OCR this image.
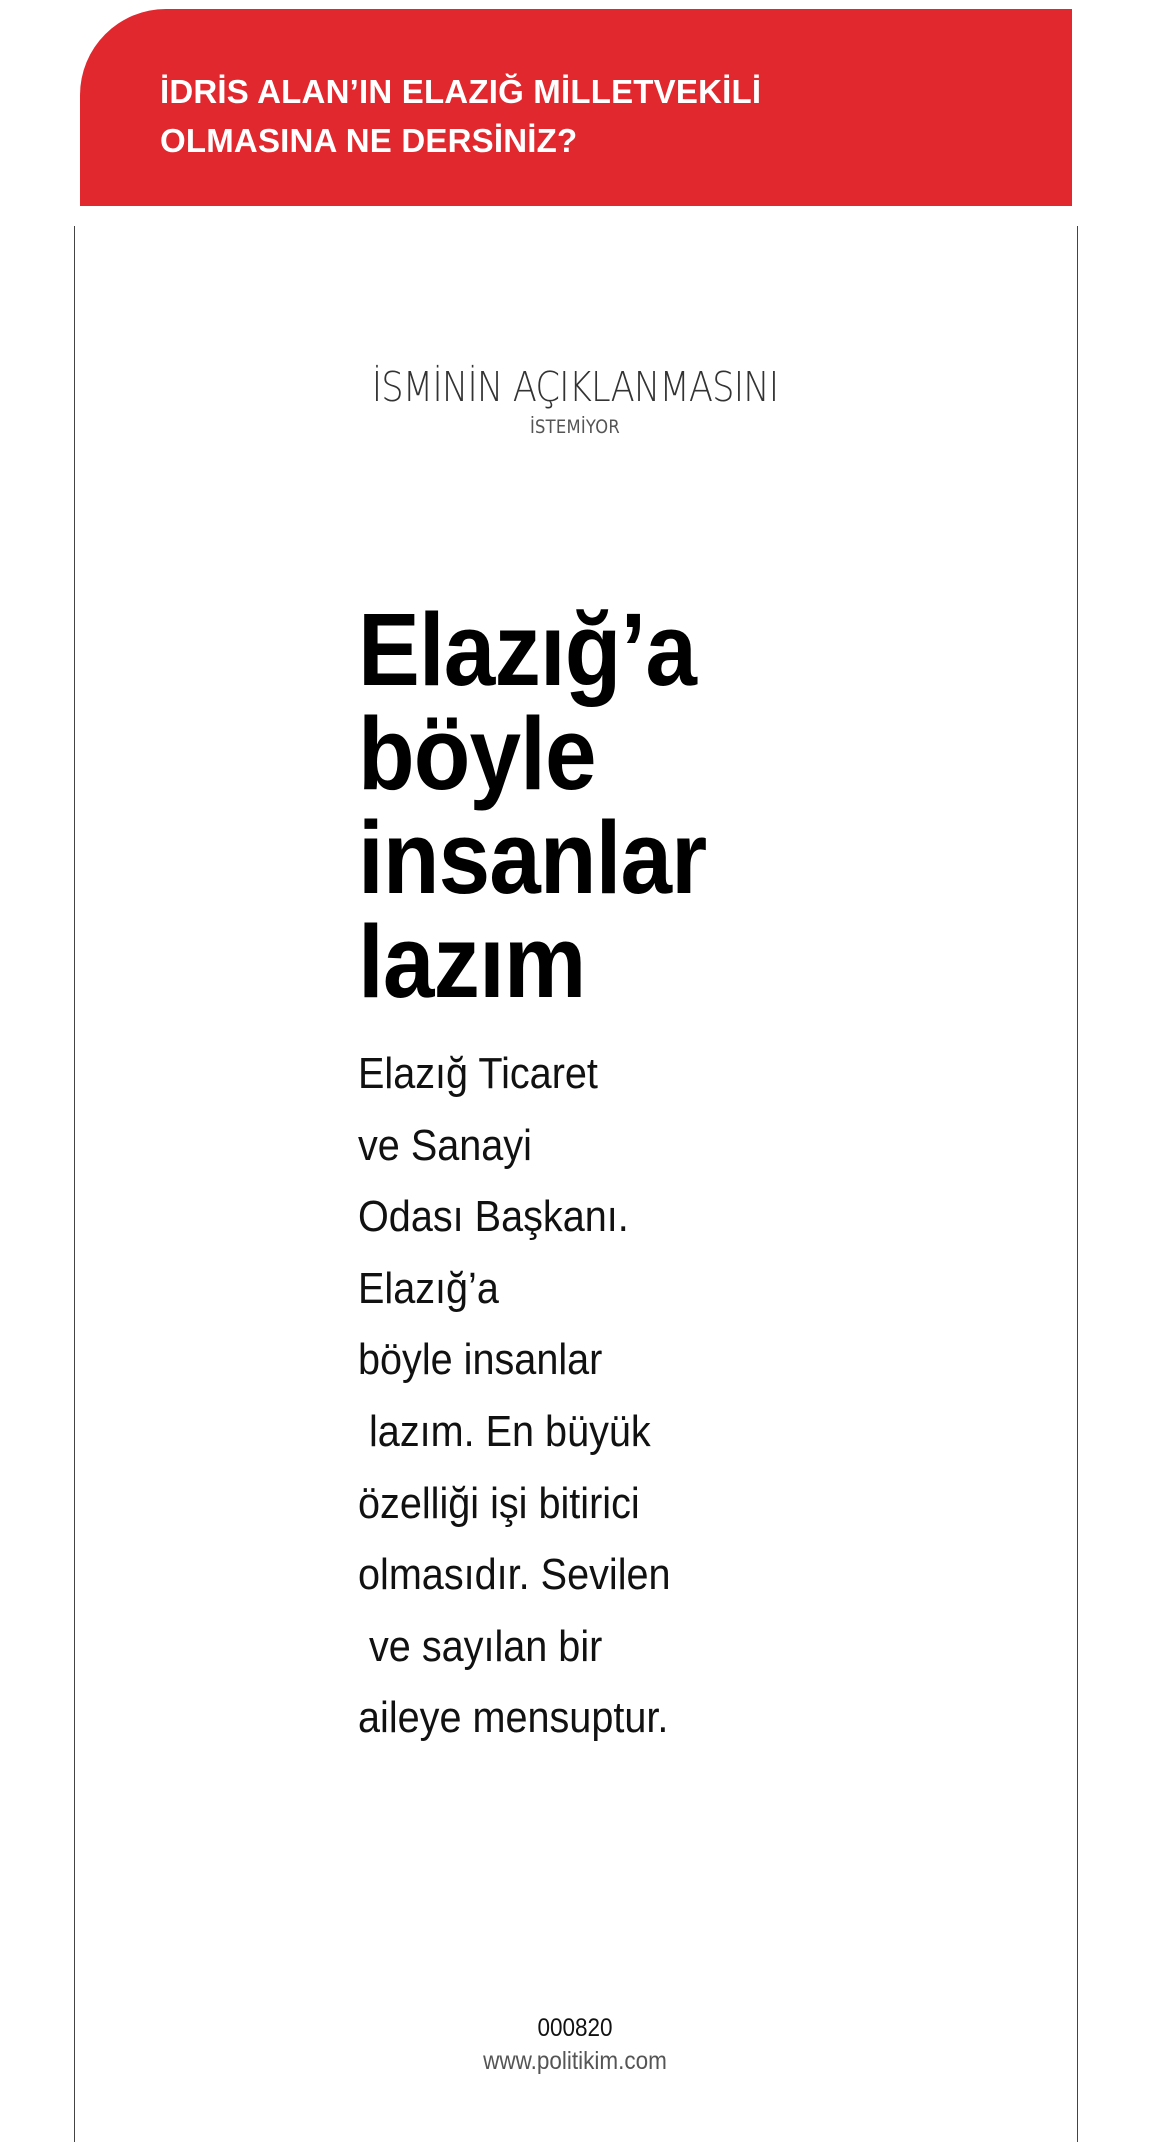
İDRİS ALAN’IN ELAZIĞ MİLLETVEKİLİ
OLMASINA NE DERSİNİZ?
İSMİNİN AÇIKLANMASINI
İSTEMİYOR
Elazığ’a
böyle
insanlar
lazım

Elazığ Ticaret
ve Sanayi
Odası Başkanı.
Elazığ’a
böyle insanlar
lazım. En büyük
özelliği işi bitirici
olmasıdır. Sevilen
ve sayılan bir
aileye mensuptur.

000820
www.politikim.com
